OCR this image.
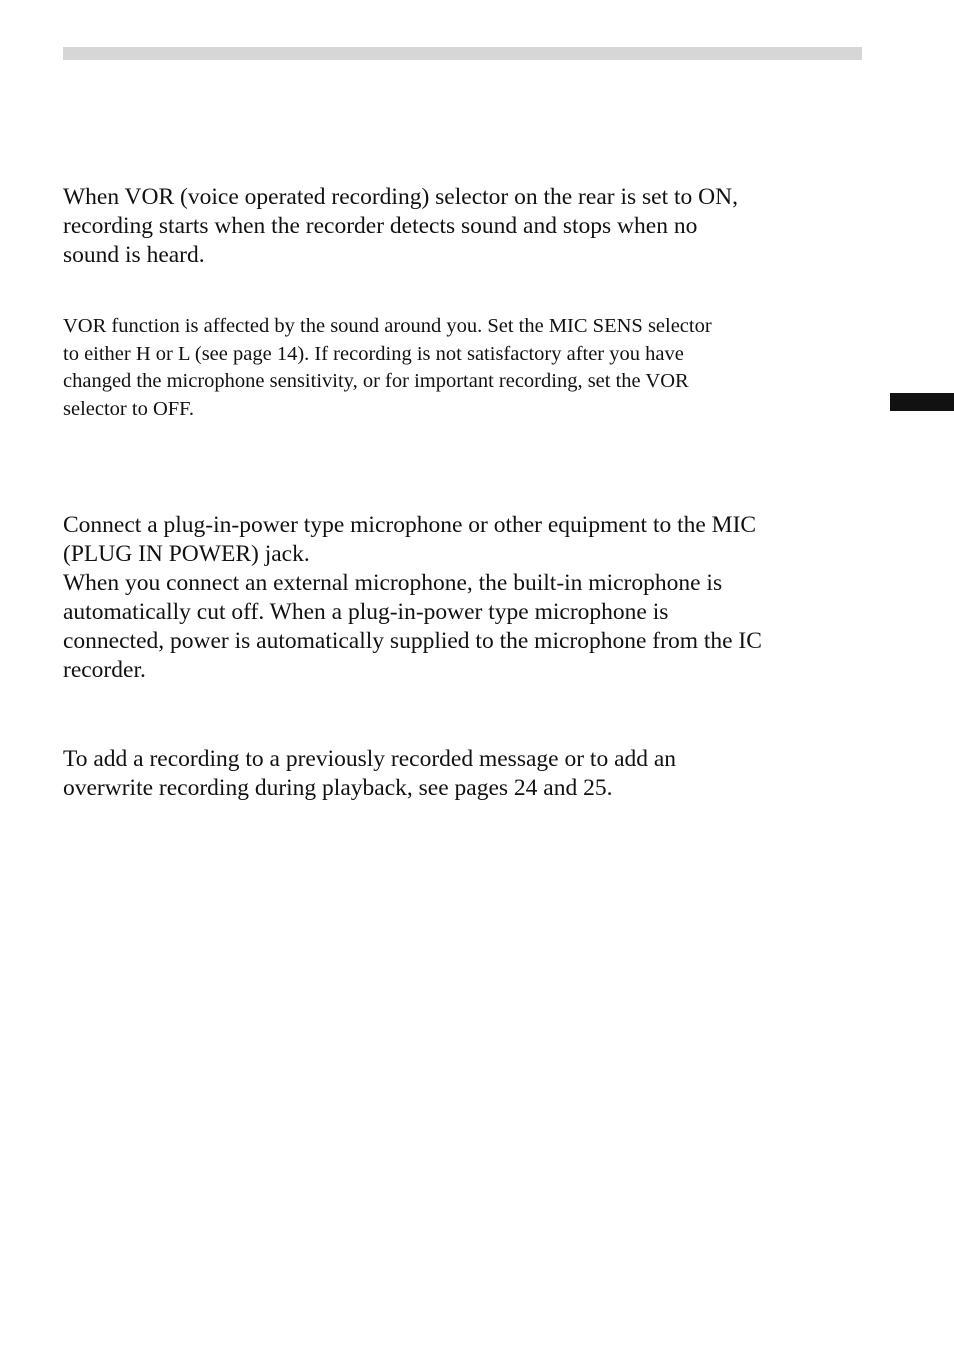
When VOR (voice operated recording) selector on the rear is set to ON,
recording starts when the recorder detects sound and stops when no
sound is heard.
VOR function is affected by the sound around you. Set the MIC SENS selector
to either H or L (see page 14). If recording is not satisfactory after you have
changed the microphone sensitivity, or for important recording, set the VOR
selector to OFF.
Connect a plug-in-power type microphone or other equipment to the MIC
(PLUG IN POWER) jack.
When you connect an external microphone, the built-in microphone is
automatically cut off. When a plug-in-power type microphone is
connected, power is automatically supplied to the microphone from the IC
recorder.
To add a recording to a previously recorded message or to add an
overwrite recording during playback, see pages 24 and 25.
